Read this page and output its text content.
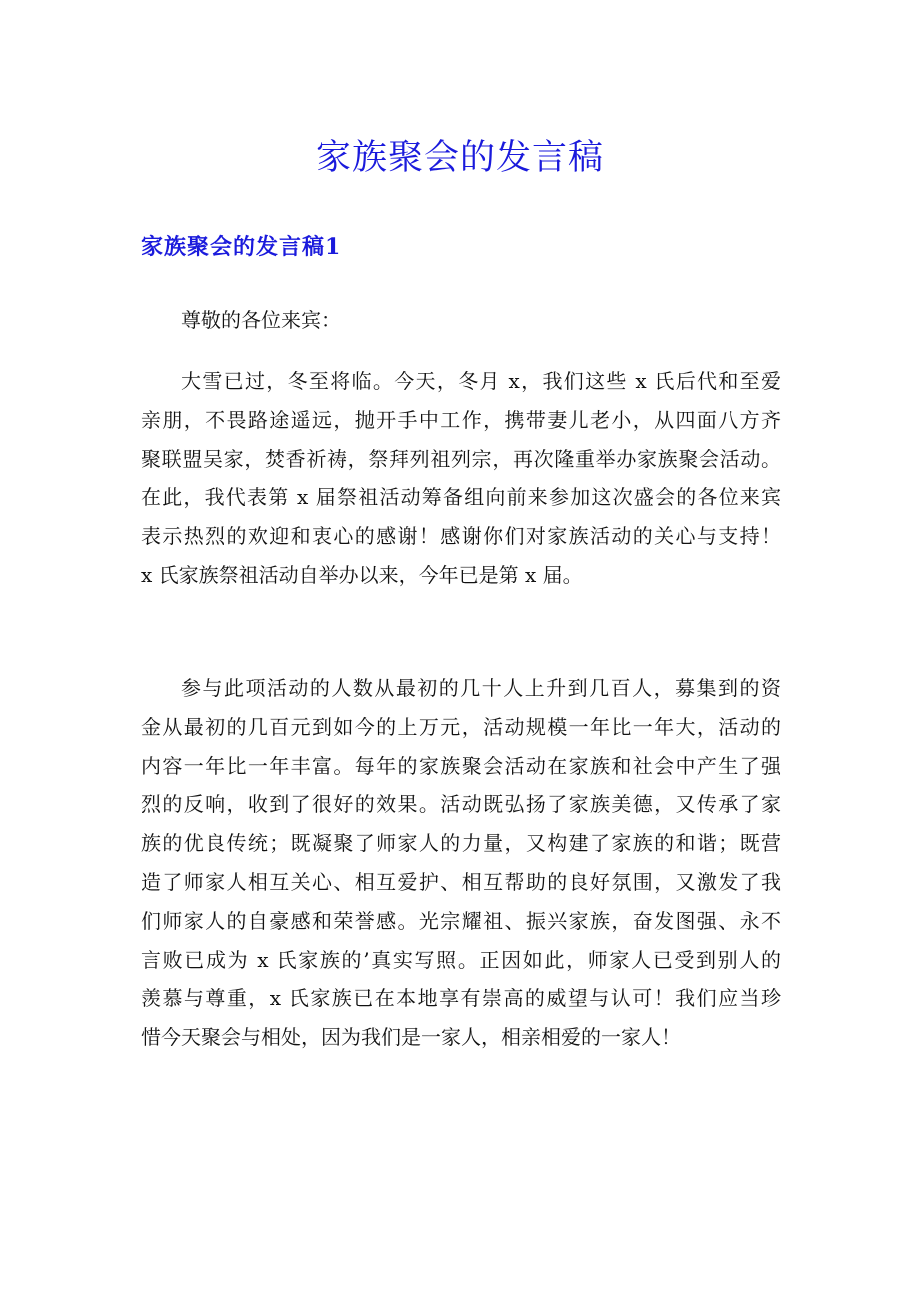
家族聚会的发言稿
家族聚会的发言稿1
尊敬的各位来宾：
大雪已过，冬至将临。今天，冬月 x，我们这些 x 氏后代和至爱
亲朋，不畏路途遥远，抛开手中工作，携带妻儿老小，从四面八方齐
聚联盟吴家，焚香祈祷，祭拜列祖列宗，再次隆重举办家族聚会活动。
在此，我代表第 x 届祭祖活动筹备组向前来参加这次盛会的各位来宾
表示热烈的欢迎和衷心的感谢！感谢你们对家族活动的关心与支持！
x 氏家族祭祖活动自举办以来，今年已是第 x 届。
参与此项活动的人数从最初的几十人上升到几百人，募集到的资
金从最初的几百元到如今的上万元，活动规模一年比一年大，活动的
内容一年比一年丰富。每年的家族聚会活动在家族和社会中产生了强
烈的反响，收到了很好的效果。活动既弘扬了家族美德，又传承了家
族的优良传统；既凝聚了师家人的力量，又构建了家族的和谐；既营
造了师家人相互关心、相互爱护、相互帮助的良好氛围，又激发了我
们师家人的自豪感和荣誉感。光宗耀祖、振兴家族，奋发图强、永不
言败已成为 x 氏家族的’真实写照。正因如此，师家人已受到别人的
羡慕与尊重，x 氏家族已在本地享有崇高的威望与认可！我们应当珍
惜今天聚会与相处，因为我们是一家人，相亲相爱的一家人！
